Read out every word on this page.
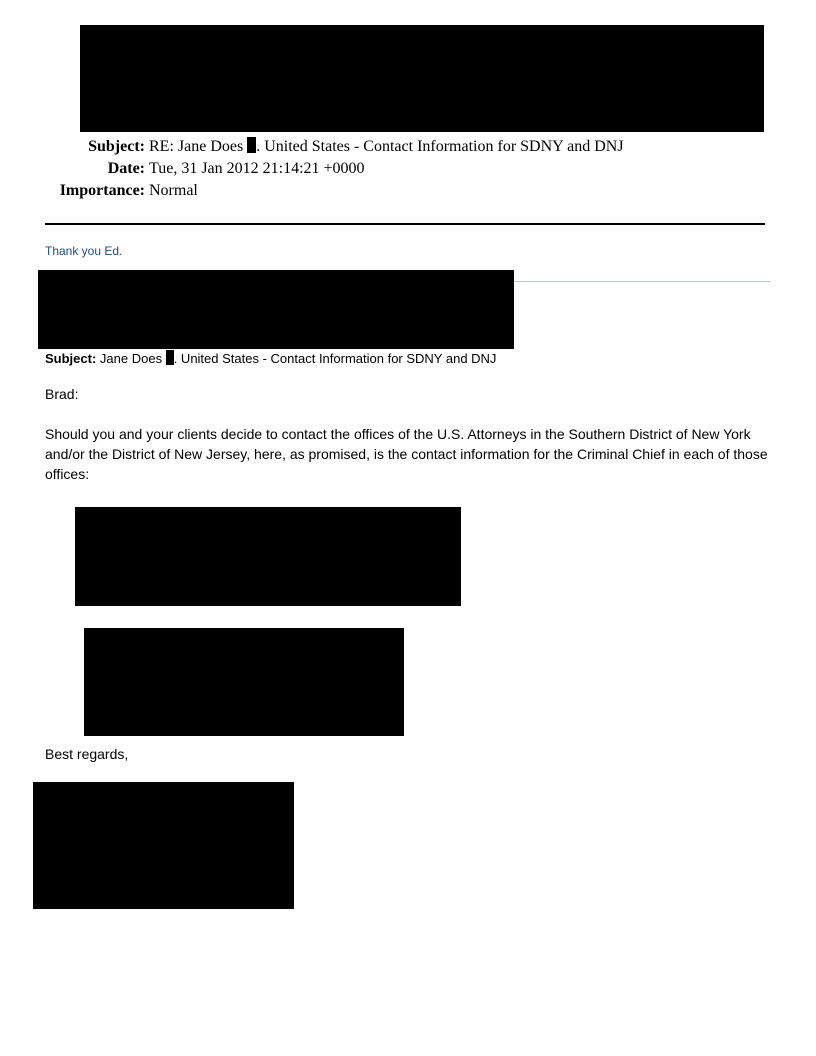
Subject: RE: Jane Does . United States - Contact Information for SDNY and DNJ
Date: Tue, 31 Jan 2012 21:14:21 +0000
Importance: Normal
Thank you Ed.
Subject: Jane Does . United States - Contact Information for SDNY and DNJ
Brad:

Should you and your clients decide to contact the offices of the U.S. Attorneys in the Southern District of New York and/or the District of New Jersey, here, as promised, is the contact information for the Criminal Chief in each of those offices:

Best regards,
